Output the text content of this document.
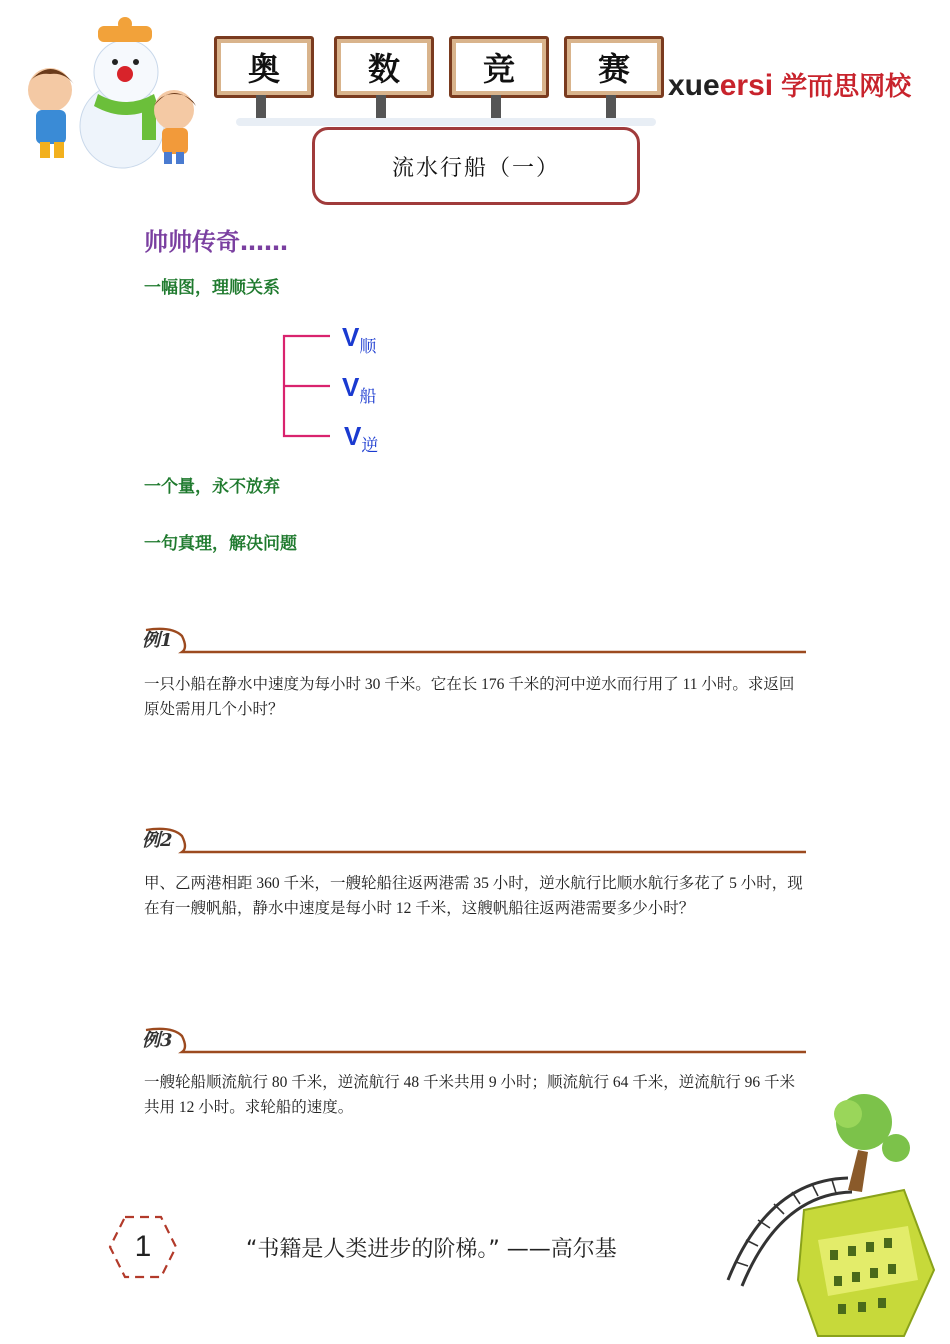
奥	数	竞	赛 xueersi 学而思网校
流水行船（一）
帅帅传奇……
一幅图，理顺关系
$V_顺$
$V_船$
$V_逆$
一个量，永不放弃
一句真理，解决问题
例1
一只小船在静水中速度为每小时 30 千米。它在长 176 千米的河中逆水而行用了 11 小时。求返回原处需用几个小时？
例2
甲、乙两港相距 360 千米，一艘轮船往返两港需 35 小时，逆水航行比顺水航行多花了 5 小时，现在有一艘帆船，静水中速度是每小时 12 千米，这艘帆船往返两港需要多少小时？
例3
一艘轮船顺流航行 80 千米，逆流航行 48 千米共用 9 小时；顺流航行 64 千米，逆流航行 96 千米共用 12 小时。求轮船的速度。
1	“书籍是人类进步的阶梯。” ——高尔基
